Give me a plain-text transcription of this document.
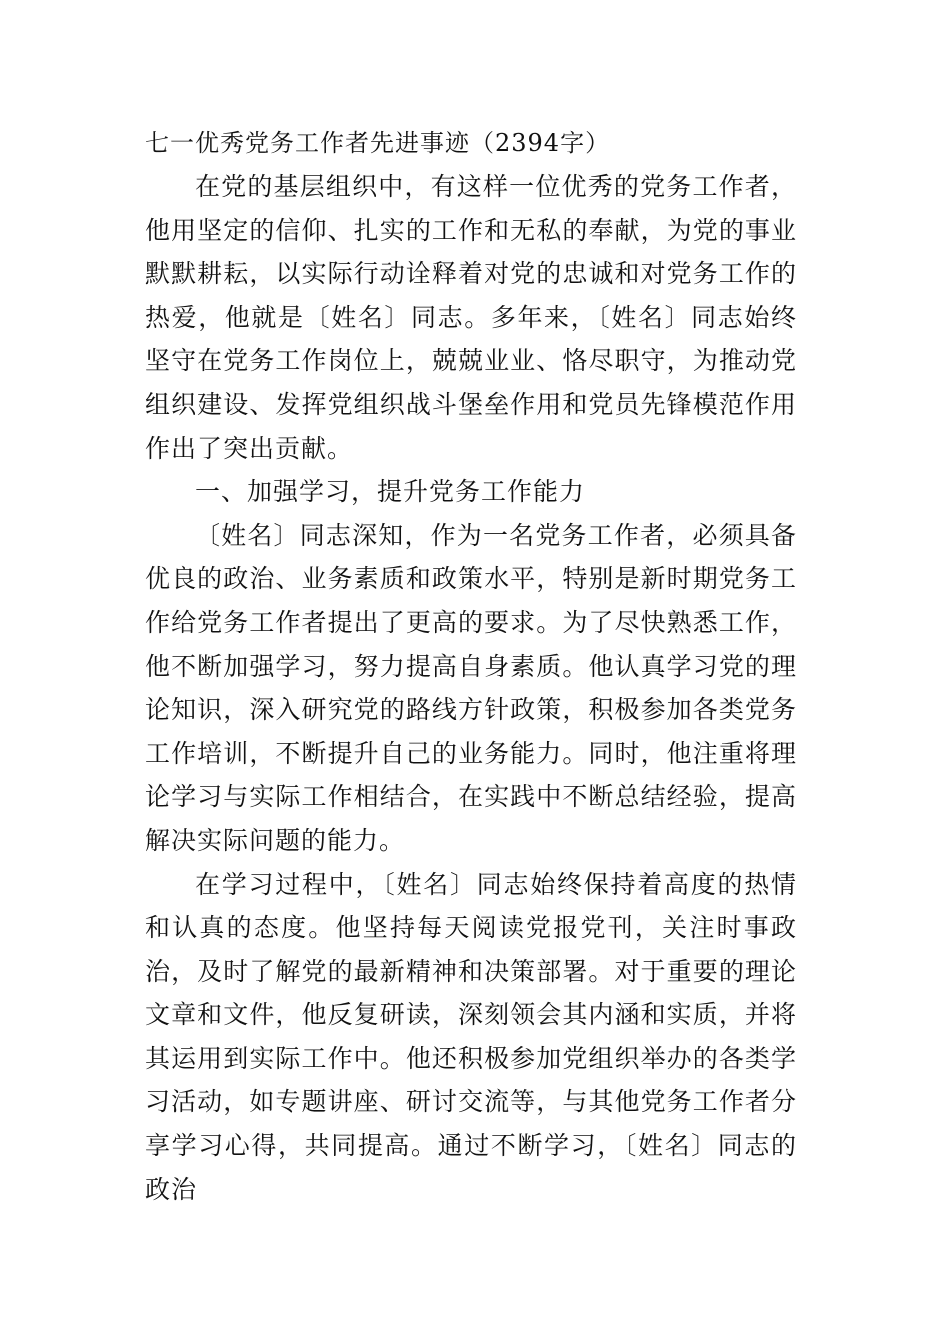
七一优秀党务工作者先进事迹（2394字）

在党的基层组织中，有这样一位优秀的党务工作者，他用坚定的信仰、扎实的工作和无私的奉献，为党的事业默默耕耘，以实际行动诠释着对党的忠诚和对党务工作的热爱，他就是〔姓名〕同志。多年来，〔姓名〕同志始终坚守在党务工作岗位上，兢兢业业、恪尽职守，为推动党组织建设、发挥党组织战斗堡垒作用和党员先锋模范作用作出了突出贡献。

一、加强学习，提升党务工作能力

〔姓名〕同志深知，作为一名党务工作者，必须具备优良的政治、业务素质和政策水平，特别是新时期党务工作给党务工作者提出了更高的要求。为了尽快熟悉工作，他不断加强学习，努力提高自身素质。他认真学习党的理论知识，深入研究党的路线方针政策，积极参加各类党务工作培训，不断提升自己的业务能力。同时，他注重将理论学习与实际工作相结合，在实践中不断总结经验，提高解决实际问题的能力。

在学习过程中，〔姓名〕同志始终保持着高度的热情和认真的态度。他坚持每天阅读党报党刊，关注时事政治，及时了解党的最新精神和决策部署。对于重要的理论文章和文件，他反复研读，深刻领会其内涵和实质，并将其运用到实际工作中。他还积极参加党组织举办的各类学习活动，如专题讲座、研讨交流等，与其他党务工作者分享学习心得，共同提高。通过不断学习，〔姓名〕同志的政治
